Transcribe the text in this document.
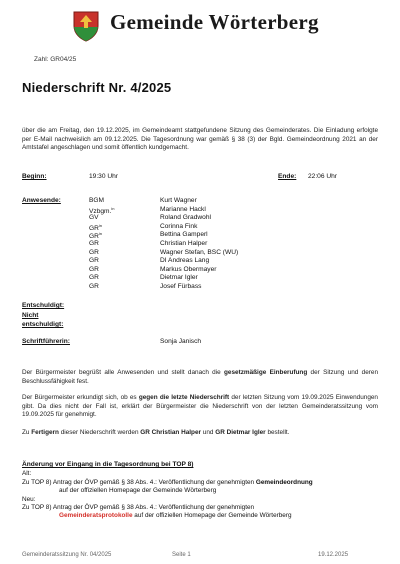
Gemeinde Wörterberg
Zahl: GR04/25
Niederschrift Nr. 4/2025
über die am Freitag, den 19.12.2025, im Gemeindeamt stattgefundene Sitzung des Gemeinderates. Die Einladung erfolgte per E-Mail nachweislich am 09.12.2025. Die Tagesordnung war gemäß § 38 (3) der Bgld. Gemeindeordnung 2021 an der Amtstafel angeschlagen und somit öffentlich kundgemacht.
Beginn:	19:30 Uhr	Ende: 22:06 Uhr
Anwesende:	BGM	Kurt Wagner
Vzbgm.$^{in}$	Marianne Hackl
GV	Roland Gradwohl
$GR^{in}$	Corinna Fink
$GR^{in}$	Bettina Gamperl
GR	Christian Halper
GR	Wagner Stefan, BSC (WU)
GR	DI Andreas Lang
GR	Markus Obermayer
GR	Dietmar Igler
GR	Josef Fürbass
Entschuldigt:
Nicht
entschuldigt:
Schriftführerin:	Sonja Janisch
Der Bürgermeister begrüßt alle Anwesenden und stellt danach die gesetzmäßige Einberufung der Sitzung und deren Beschlussfähigkeit fest.
Der Bürgermeister erkundigt sich, ob es gegen die letzte Niederschrift der letzten Sitzung vom 19.09.2025 Einwendungen gibt. Da dies nicht der Fall ist, erklärt der Bürgermeister die Niederschrift von der letzten Gemeinderatssitzung vom 19.09.2025 für genehmigt.
Zu Fertigern dieser Niederschrift werden GR Christian Halper und GR Dietmar Igler bestellt.
Änderung vor Eingang in die Tagesordnung bei TOP 8)
Alt:
Zu TOP 8) Antrag der ÖVP gemäß § 38 Abs. 4.: Veröffentlichung der genehmigten Gemeindeordnung
auf der offiziellen Homepage der Gemeinde Wörterberg
Neu:
Zu TOP 8) Antrag der ÖVP gemäß § 38 Abs. 4.: Veröffentlichung der genehmigten
Gemeinderatsprotokolle auf der offiziellen Homepage der Gemeinde Wörterberg
Gemeinderatssitzung Nr. 04/2025	Seite 1	19.12.2025
